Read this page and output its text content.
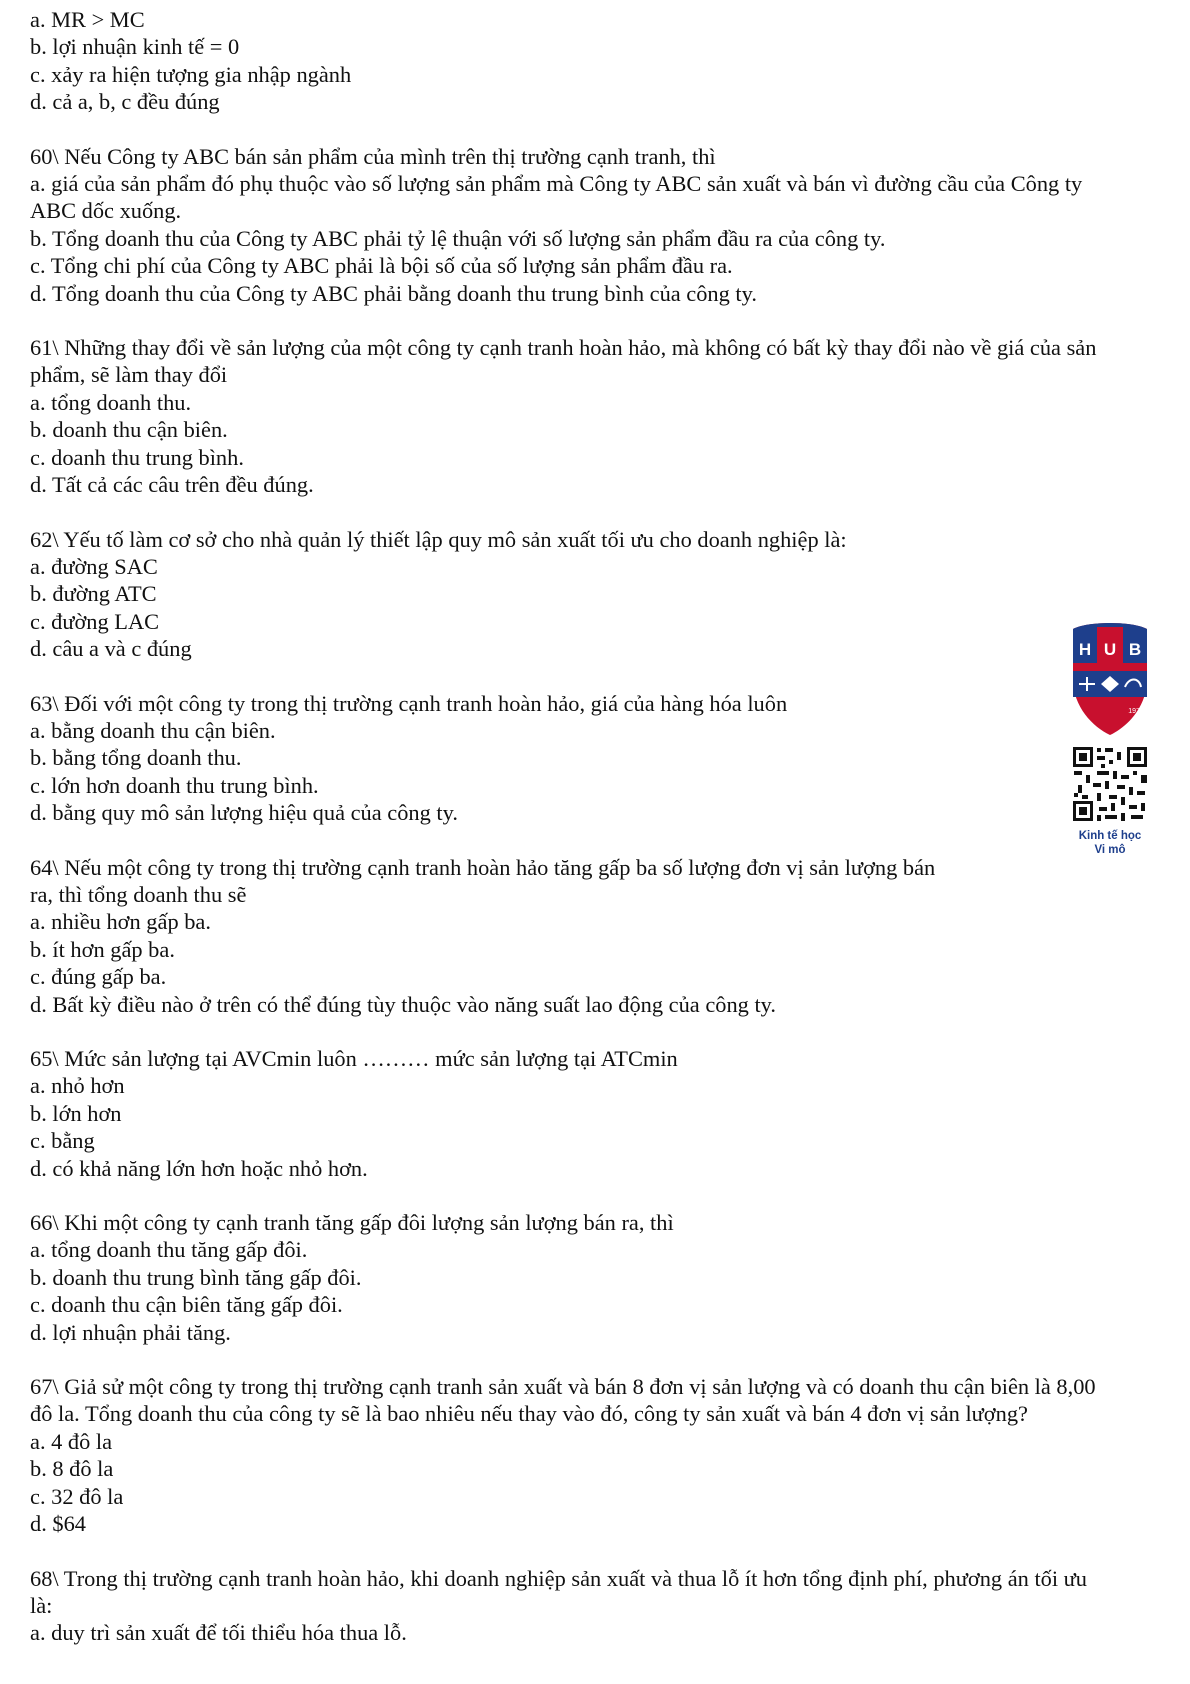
a. MR > MC
b. lợi nhuận kinh tế = 0
c. xảy ra hiện tượng gia nhập ngành
d. cả a, b, c đều đúng
60\ Nếu Công ty ABC bán sản phẩm của mình trên thị trường cạnh tranh, thì
a. giá của sản phẩm đó phụ thuộc vào số lượng sản phẩm mà Công ty ABC sản xuất và bán vì đường cầu của Công ty
ABC dốc xuống.
b. Tổng doanh thu của Công ty ABC phải tỷ lệ thuận với số lượng sản phẩm đầu ra của công ty.
c. Tổng chi phí của Công ty ABC phải là bội số của số lượng sản phẩm đầu ra.
d. Tổng doanh thu của Công ty ABC phải bằng doanh thu trung bình của công ty.
61\ Những thay đổi về sản lượng của một công ty cạnh tranh hoàn hảo, mà không có bất kỳ thay đổi nào về giá của sản
phẩm, sẽ làm thay đổi
a. tổng doanh thu.
b. doanh thu cận biên.
c. doanh thu trung bình.
d. Tất cả các câu trên đều đúng.
62\ Yếu tố làm cơ sở cho nhà quản lý thiết lập quy mô sản xuất tối ưu cho doanh nghiệp là:
a. đường SAC
b. đường ATC
c. đường LAC
d. câu a và c đúng
63\ Đối với một công ty trong thị trường cạnh tranh hoàn hảo, giá của hàng hóa luôn
a. bằng doanh thu cận biên.
b. bằng tổng doanh thu.
c. lớn hơn doanh thu trung bình.
d. bằng quy mô sản lượng hiệu quả của công ty.
64\ Nếu một công ty trong thị trường cạnh tranh hoàn hảo tăng gấp ba số lượng đơn vị sản lượng bán
ra, thì tổng doanh thu sẽ
a. nhiều hơn gấp ba.
b. ít hơn gấp ba.
c. đúng gấp ba.
d. Bất kỳ điều nào ở trên có thể đúng tùy thuộc vào năng suất lao động của công ty.
65\ Mức sản lượng tại AVCmin luôn ……… mức sản lượng tại ATCmin
a. nhỏ hơn
b. lớn hơn
c. bằng
d. có khả năng lớn hơn hoặc nhỏ hơn.
66\ Khi một công ty cạnh tranh tăng gấp đôi lượng sản lượng bán ra, thì
a. tổng doanh thu tăng gấp đôi.
b. doanh thu trung bình tăng gấp đôi.
c. doanh thu cận biên tăng gấp đôi.
d. lợi nhuận phải tăng.
67\ Giả sử một công ty trong thị trường cạnh tranh sản xuất và bán 8 đơn vị sản lượng và có doanh thu cận biên là 8,00
đô la. Tổng doanh thu của công ty sẽ là bao nhiêu nếu thay vào đó, công ty sản xuất và bán 4 đơn vị sản lượng?
a. 4 đô la
b. 8 đô la
c. 32 đô la
d. $64
68\ Trong thị trường cạnh tranh hoàn hảo, khi doanh nghiệp sản xuất và thua lỗ ít hơn tổng định phí, phương án tối ưu
là:
a. duy trì sản xuất để tối thiểu hóa thua lỗ.
H U B
1976
Kinh tế học
Vi mô
